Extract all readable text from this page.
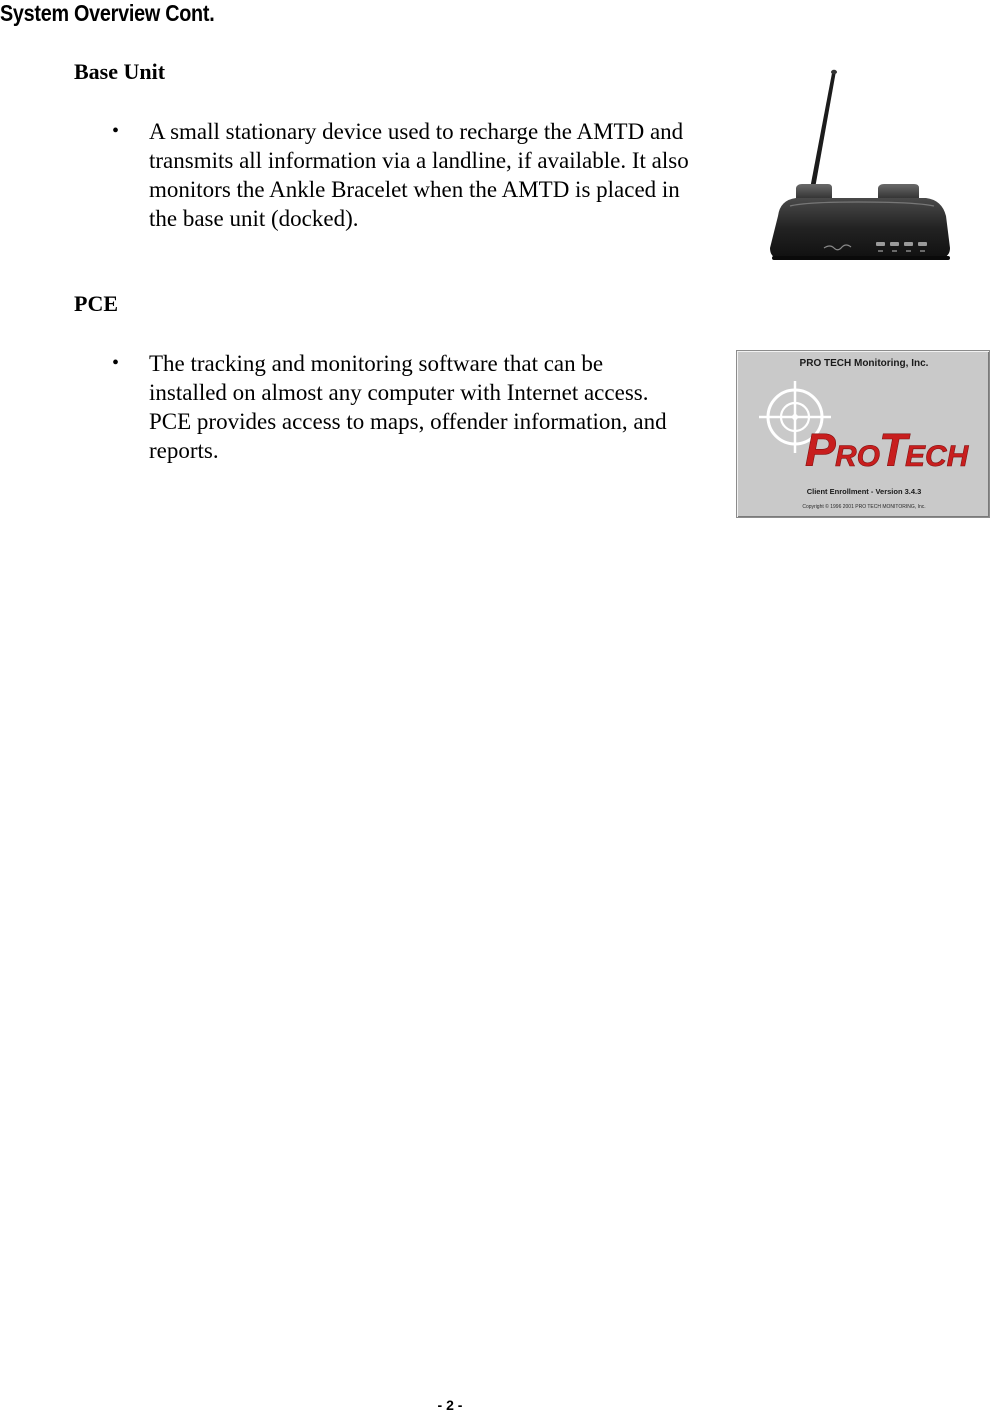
System Overview Cont.
Base Unit
•	A small stationary device used to recharge the AMTD and transmits all information via a landline, if available. It also monitors the Ankle Bracelet when the AMTD is placed in the base unit (docked).
PCE
•	The tracking and monitoring software that can be installed on almost any computer with Internet access. PCE provides access to maps, offender information, and reports.
PRO TECH Monitoring, Inc.
P RO T
ECH
Client Enrollment - Version 3.4.3
Copyright © 1996 2001 PRO TECH MONITORING, Inc.
- 2 -
